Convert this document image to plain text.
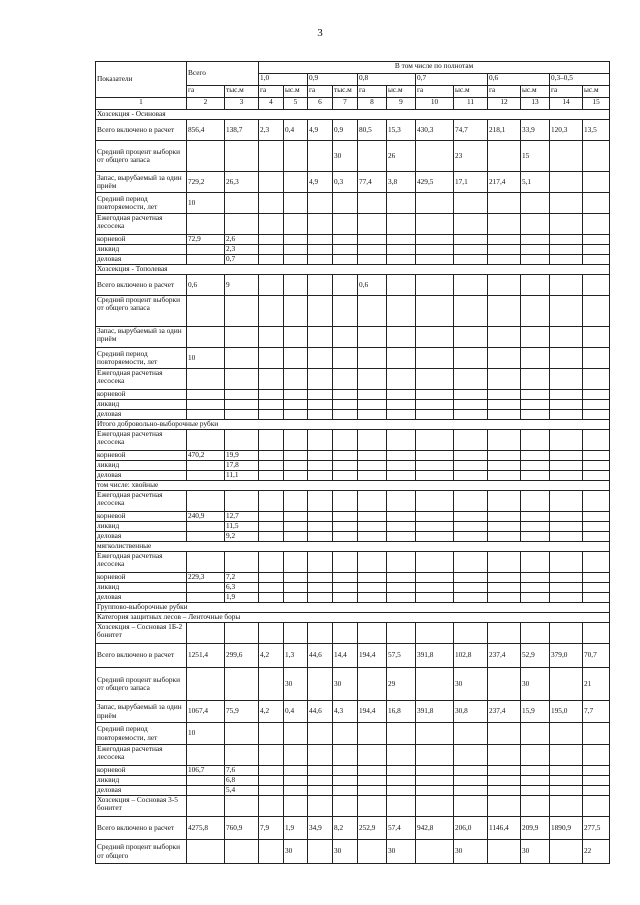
3
Показатели	Всего		В том числе по полнотам											
			1,0		0,9		0,8		0,7		0,6		0,3–0,5	
	га	$тыс.м^3$	га	$ыс.м^3$	га	$тыс.м^3$	га	$ыс.м^3$	га	$ыс.м^3$	га	$ыс.м^3$	га	$ыс.м^3$
1	2	3	4	5	6	7	8	9	10	11	12	13	14	15
Хозсекция - Осиновая														
Всего включено в расчет	856,4	138,7	2,3	0,4	4,9	0,9	80,5	15,3	430,3	74,7	218,1	33,9	120,3	13,5
Средний процент выборки от общего запаса						30		26		23		15		
Запас, вырубаемый за один приём	729,2	26,3			4,9	0,3	77,4	3,8	429,5	17,1	217,4	5,1		
Средний период повторяемости, лет	10													
Ежегодная расчетная лесосека														
корневой	72,9	2,6												
ликвид		2,3												
деловая		0,7												
Хозсекция - Тополевая														
Всего включено в расчет	0,6	9					0,6							
Средний процент выборки от общего запаса														
Запас, вырубаемый за один приём														
Средний период повторяемости, лет	10													
Ежегодная расчетная лесосека														
корневой														
ликвид														
деловая														
Итого добровольно-выборочные рубки														
Ежегодная расчетная лесосека														
корневой	470,2	19,9												
ликвид		17,8												
деловая		11,1												
том числе: хвойные														
Ежегодная расчетная лесосека														
корневой	240,9	12,7												
ликвид		11,5												
деловая		9,2												
мягколиственные														
Ежегодная расчетная лесосека														
корневой	229,3	7,2												
ликвид		6,3												
деловая		1,9												
Группово-выборочные рубки														
Категория защитных лесов – Ленточные боры														
Хозсекция – Сосновая 1Б-2 бонитет														
Всего включено в расчет	1251,4	299,6	4,2	1,3	44,6	14,4	194,4	57,5	391,8	102,8	237,4	52,9	379,0	70,7
Средний процент выборки от общего запаса				30		30		29		30		30		21
Запас, вырубаемый за один приём	1067,4	75,9	4,2	0,4	44,6	4,3	194,4	16,8	391,8	30,8	237,4	15,9	195,0	7,7
Средний период повторяемости, лет	10													
Ежегодная расчетная лесосека														
корневой	106,7	7,6												
ликвид		6,8												
деловая		5,4												
Хозсекция – Сосновая 3-5 бонитет														
Всего включено в расчет	4275,8	760,9	7,9	1,9	34,9	8,2	252,9	57,4	942,8	206,0	1146,4	209,9	1890,9	277,5
Средний процент выборки от общего				30		30		30		30		30		22
